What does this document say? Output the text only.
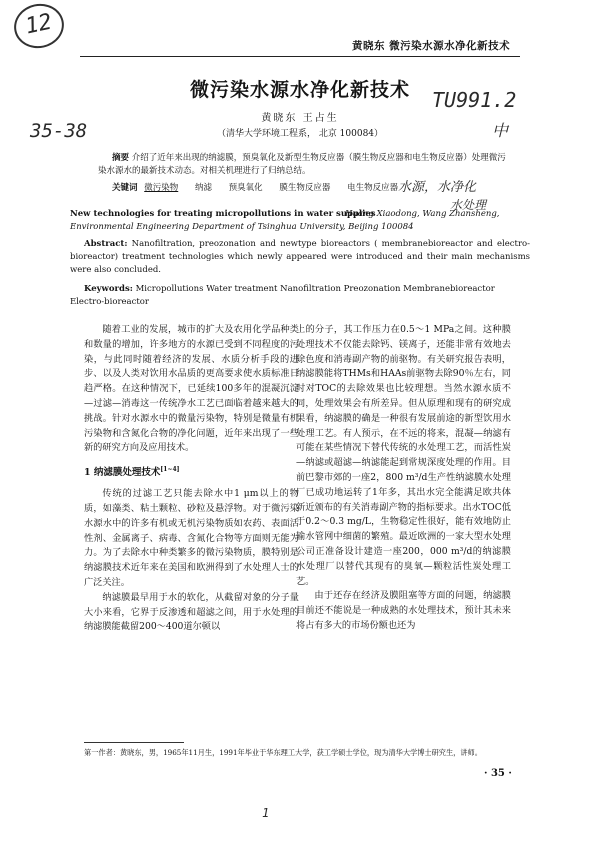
12
黄晓东 微污染水源水净化新技术
微污染水源水净化新技术
35-38
TU991.2
中
黄晓东 王占生
（清华大学环境工程系， 北京 100084）
摘要 介绍了近年来出现的纳滤膜，预臭氧化及新型生物反应器（膜生物反应器和电生物反应器）处理微污染水源水的最新技术动态。对相关机理进行了归纳总结。
关键词 微污染物 纳滤 预臭氧化 膜生物反应器 电生物反应器 水源，水净化
水处理
New technologies for treating micropollutions in water supplies
Huang Xiaodong, Wang Zhansheng,
Environmental Engineering Department of Tsinghua University, Beijing 100084
Abstract: Nanofiltration, preozonation and newtype bioreactors ( membranebioreactor and electro-bioreactor) treatment technologies which newly appeared were introduced and their main mechanisms were also concluded.
Keywords: Micropollutions Water treatment Nanofiltration Preozonation Membranebioreactor Electro-bioreactor

随着工业的发展，城市的扩大及农用化学品种类和数量的增加，许多地方的水源已受到不同程度的污染，与此同时随着经济的发展、水质分析手段的进步、以及人类对饮用水品质的更高要求使水质标准日趋严格。在这种情况下，已延续100多年的混凝沉淀—过滤—消毒这一传统净水工艺已面临着越来越大的挑战。针对水源水中的微量污染物，特别是微量有机污染物和含氮化合物的净化问题，近年来出现了一些新的研究方向及应用技术。

1 纳滤膜处理技术[1~4]

传统的过滤工艺只能去除水中1 μm以上的物质，如藻类、粘土颗粒、砂粒及悬浮物。对于微污染水源水中的许多有机或无机污染物质如农药、表面活性剂、金属离子、病毒、含氮化合物等方面则无能为力。为了去除水中种类繁多的微污染物质，膜特别是纳滤膜技术近年来在美国和欧洲得到了水处理人士的广泛关注。

纳滤膜最早用于水的软化，从截留对象的分子量大小来看，它界于反渗透和超滤之间，用于水处理的纳滤膜能截留200～400道尔顿以

上的分子，其工作压力在0.5～1 MPa之间。这种膜处理技术不仅能去除钙、镁离子，还能非常有效地去除色度和消毒副产物的前驱物。有关研究报告表明，纳滤膜能将THMs和HAAs前驱物去除90％左右，同时对TOC的去除效果也比较理想。当然水源水质不同，处理效果会有所差异。但从原理和现有的研究成果看，纳滤膜的确是一种很有发展前途的新型饮用水处理工艺。有人预示，在不远的将来，混凝—纳滤有可能在某些情况下替代传统的水处理工艺，而活性炭—纳滤或超滤—纳滤能起到常规深度处理的作用。目前巴黎市郊的一座2，800 m³/d生产性纳滤膜水处理厂已成功地运转了1年多，其出水完全能满足欧共体新近颁布的有关消毒副产物的指标要求。出水TOC低于0.2～0.3 mg/L，生物稳定性很好，能有效地防止输水管网中细菌的繁殖。最近欧洲的一家大型水处理公司正准备设计建造一座200，000 m³/d的纳滤膜水处理厂以替代其现有的臭氧—颗粒活性炭处理工艺。

由于还存在经济及膜阻塞等方面的问题，纳滤膜目前还不能说是一种成熟的水处理技术，预计其未来将占有多大的市场份额也还为

第一作者：黄晓东，男，1965年11月生，1991年毕业于华东理工大学，获工学硕士学位，现为清华大学博士研究生，讲师。
· 35 ·
1
